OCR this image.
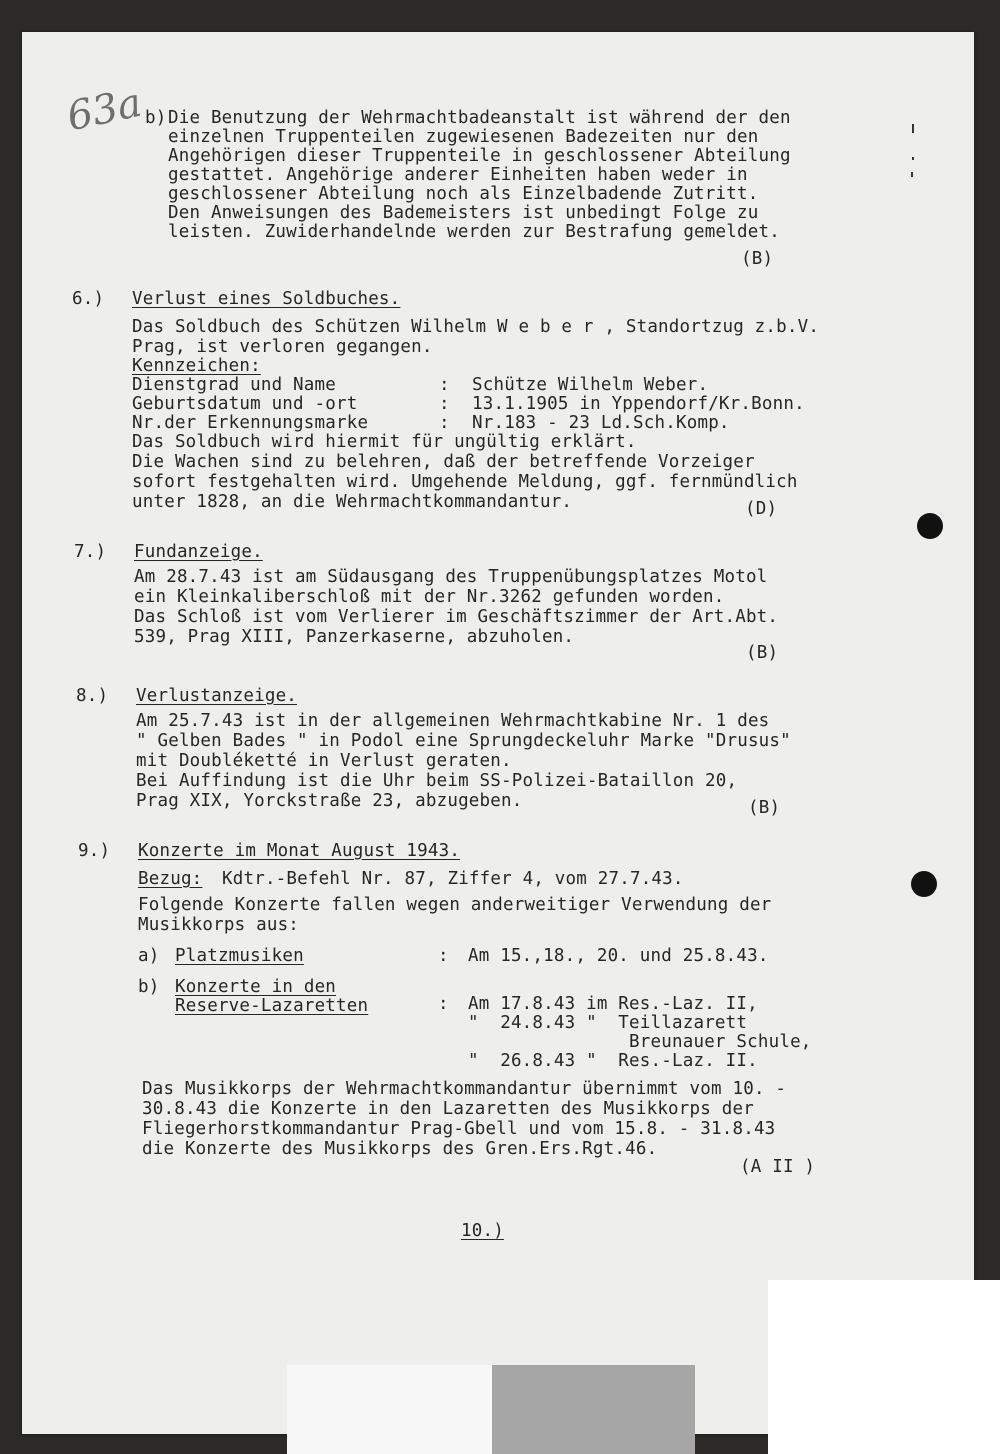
63a b) Die Benutzung der Wehrmachtbadeanstalt ist während der den
einzelnen Truppenteilen zugewiesenen Badezeiten nur den
Angehörigen dieser Truppenteile in geschlossener Abteilung
gestattet. Angehörige anderer Einheiten haben weder in
geschlossener Abteilung noch als Einzelbadende Zutritt.
Den Anweisungen des Bademeisters ist unbedingt Folge zu
leisten. Zuwiderhandelnde werden zur Bestrafung gemeldet.
(B)
6.) Verlust eines Soldbuches.
Das Soldbuch des Schützen Wilhelm W e b e r , Standortzug z.b.V.
Prag, ist verloren gegangen.
Kennzeichen:
Dienstgrad und Name	: Schütze Wilhelm Weber.
Geburtsdatum und -ort	: 13.1.1905 in Yppendorf/Kr.Bonn.
Nr.der Erkennungsmarke	: Nr.183 - 23 Ld.Sch.Komp.
Das Soldbuch wird hiermit für ungültig erklärt.
Die Wachen sind zu belehren, daß der betreffende Vorzeiger
sofort festgehalten wird. Umgehende Meldung, ggf. fernmündlich
unter 1828, an die Wehrmachtkommandantur.	(D)
7.) Fundanzeige.
Am 28.7.43 ist am Südausgang des Truppenübungsplatzes Motol
ein Kleinkaliberschloß mit der Nr.3262 gefunden worden.
Das Schloß ist vom Verlierer im Geschäftszimmer der Art.Abt.
539, Prag XIII, Panzerkaserne, abzuholen.
(B)
8.) Verlustanzeige.
Am 25.7.43 ist in der allgemeinen Wehrmachtkabine Nr. 1 des
" Gelben Bades " in Podol eine Sprungdeckeluhr Marke "Drusus"
mit Doubléketté in Verlust geraten.
Bei Auffindung ist die Uhr beim SS-Polizei-Bataillon 20,
Prag XIX, Yorckstraße 23, abzugeben.	(B)
9.) Konzerte im Monat August 1943.
Bezug: Kdtr.-Befehl Nr. 87, Ziffer 4, vom 27.7.43.
Folgende Konzerte fallen wegen anderweitiger Verwendung der
Musikkorps aus:
a) Platzmusiken	: Am 15.,18., 20. und 25.8.43.
b) Konzerte in den
Reserve-Lazaretten	: Am 17.8.43 im Res.-Laz. II,
"  24.8.43 "  Teillazarett
Breunauer Schule,
"  26.8.43 "  Res.-Laz. II.
Das Musikkorps der Wehrmachtkommandantur übernimmt vom 10. -
30.8.43 die Konzerte in den Lazaretten des Musikkorps der
Fliegerhorstkommandantur Prag-Gbell und vom 15.8. - 31.8.43
die Konzerte des Musikkorps des Gren.Ers.Rgt.46.
(A II )
10.)
